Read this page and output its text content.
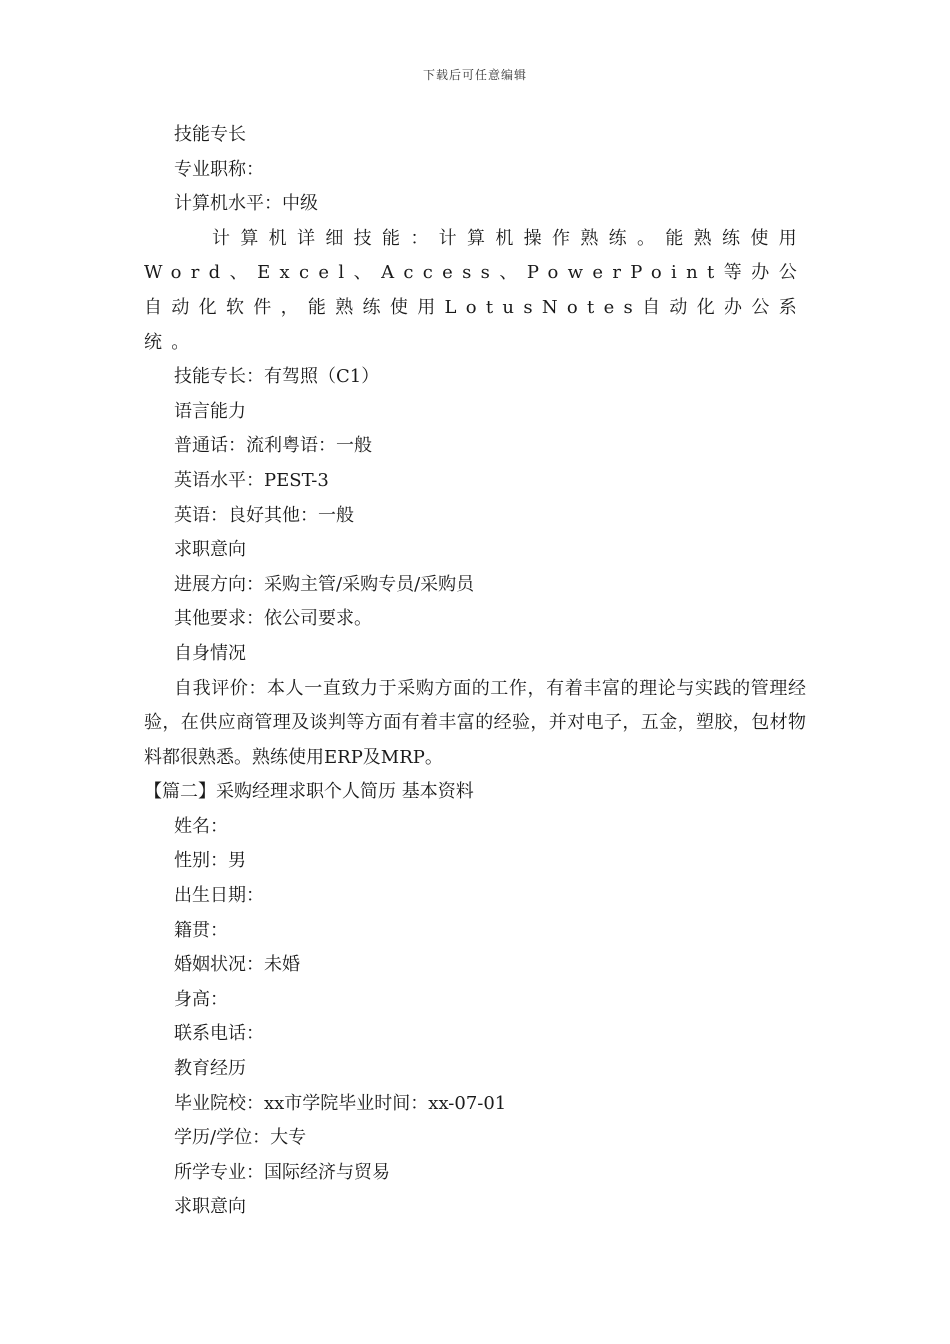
下载后可任意编辑
技能专长
专业职称：
计算机水平：中级
计算机详细技能：计算机操作熟练。能熟练使用Word、Excel、Access、PowerPoint等办公自动化软件，能熟练使用LotusNotes自动化办公系统。
技能专长：有驾照（C1）
语言能力
普通话：流利粤语：一般
英语水平：PEST-3
英语：良好其他：一般
求职意向
进展方向：采购主管/采购专员/采购员
其他要求：依公司要求。
自身情况
自我评价：本人一直致力于采购方面的工作，有着丰富的理论与实践的管理经验，在供应商管理及谈判等方面有着丰富的经验，并对电子，五金，塑胶，包材物料都很熟悉。熟练使用ERP及MRP。
【篇二】采购经理求职个人简历 基本资料
姓名：
性别：男
出生日期：
籍贯：
婚姻状况：未婚
身高：
联系电话：
教育经历
毕业院校：xx市学院毕业时间：xx-07-01
学历/学位：大专
所学专业：国际经济与贸易
求职意向
